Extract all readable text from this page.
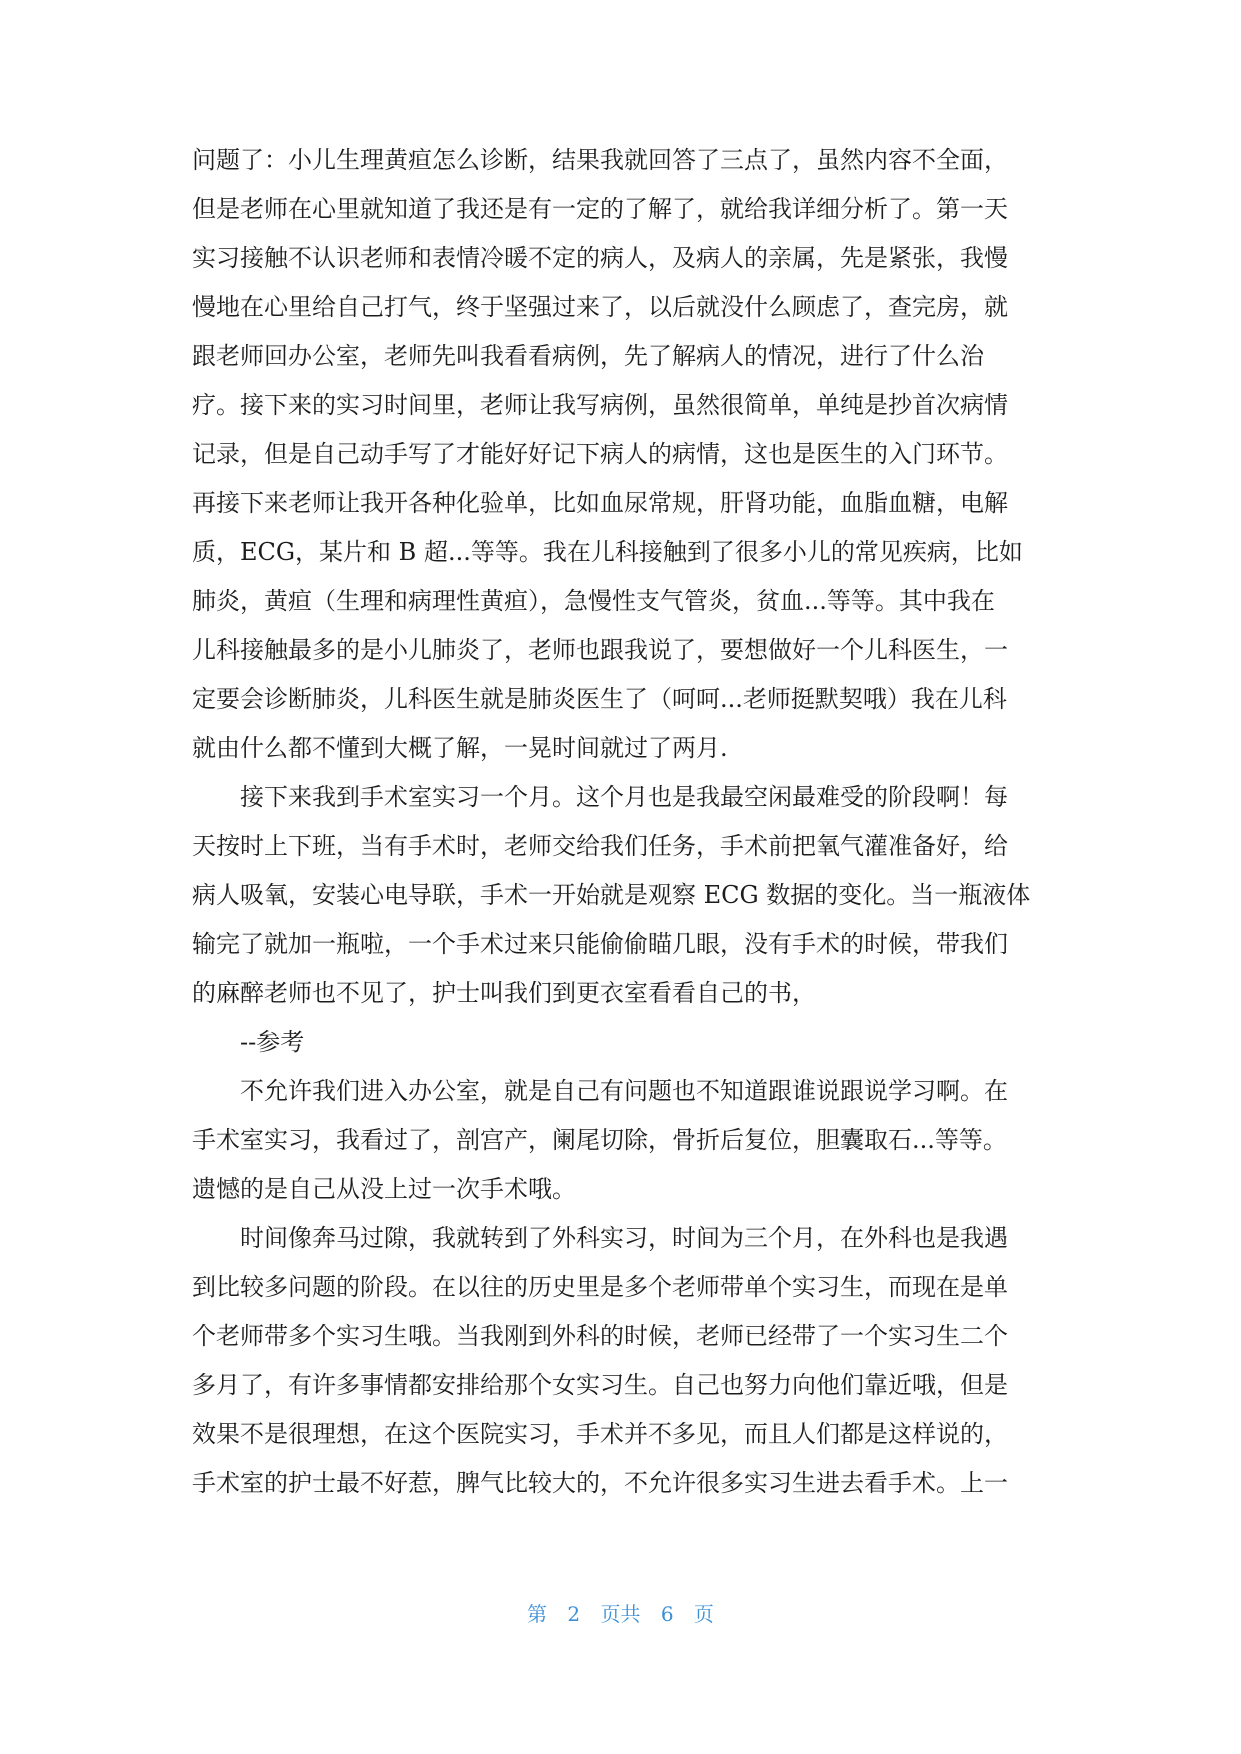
问题了：小儿生理黄疸怎么诊断，结果我就回答了三点了，虽然内容不全面，
但是老师在心里就知道了我还是有一定的了解了，就给我详细分析了。第一天
实习接触不认识老师和表情冷暖不定的病人，及病人的亲属，先是紧张，我慢
慢地在心里给自己打气，终于坚强过来了，以后就没什么顾虑了，查完房，就
跟老师回办公室，老师先叫我看看病例，先了解病人的情况，进行了什么治
疗。接下来的实习时间里，老师让我写病例，虽然很简单，单纯是抄首次病情
记录，但是自己动手写了才能好好记下病人的病情，这也是医生的入门环节。
再接下来老师让我开各种化验单，比如血尿常规，肝肾功能，血脂血糖，电解
质，ECG，某片和 B 超...等等。我在儿科接触到了很多小儿的常见疾病，比如
肺炎，黄疸（生理和病理性黄疸），急慢性支气管炎，贫血...等等。其中我在
儿科接触最多的是小儿肺炎了，老师也跟我说了，要想做好一个儿科医生，一
定要会诊断肺炎，儿科医生就是肺炎医生了（呵呵...老师挺默契哦）我在儿科
就由什么都不懂到大概了解，一晃时间就过了两月.
接下来我到手术室实习一个月。这个月也是我最空闲最难受的阶段啊！每
天按时上下班，当有手术时，老师交给我们任务，手术前把氧气灌准备好，给
病人吸氧，安装心电导联，手术一开始就是观察 ECG 数据的变化。当一瓶液体
输完了就加一瓶啦，一个手术过来只能偷偷瞄几眼，没有手术的时候，带我们
的麻醉老师也不见了，护士叫我们到更衣室看看自己的书，
--参考
不允许我们进入办公室，就是自己有问题也不知道跟谁说跟说学习啊。在
手术室实习，我看过了，剖宫产，阑尾切除，骨折后复位，胆囊取石...等等。
遗憾的是自己从没上过一次手术哦。
时间像奔马过隙，我就转到了外科实习，时间为三个月，在外科也是我遇
到比较多问题的阶段。在以往的历史里是多个老师带单个实习生，而现在是单
个老师带多个实习生哦。当我刚到外科的时候，老师已经带了一个实习生二个
多月了，有许多事情都安排给那个女实习生。自己也努力向他们靠近哦，但是
效果不是很理想，在这个医院实习，手术并不多见，而且人们都是这样说的，
手术室的护士最不好惹，脾气比较大的，不允许很多实习生进去看手术。上一
第 2 页共 6 页
